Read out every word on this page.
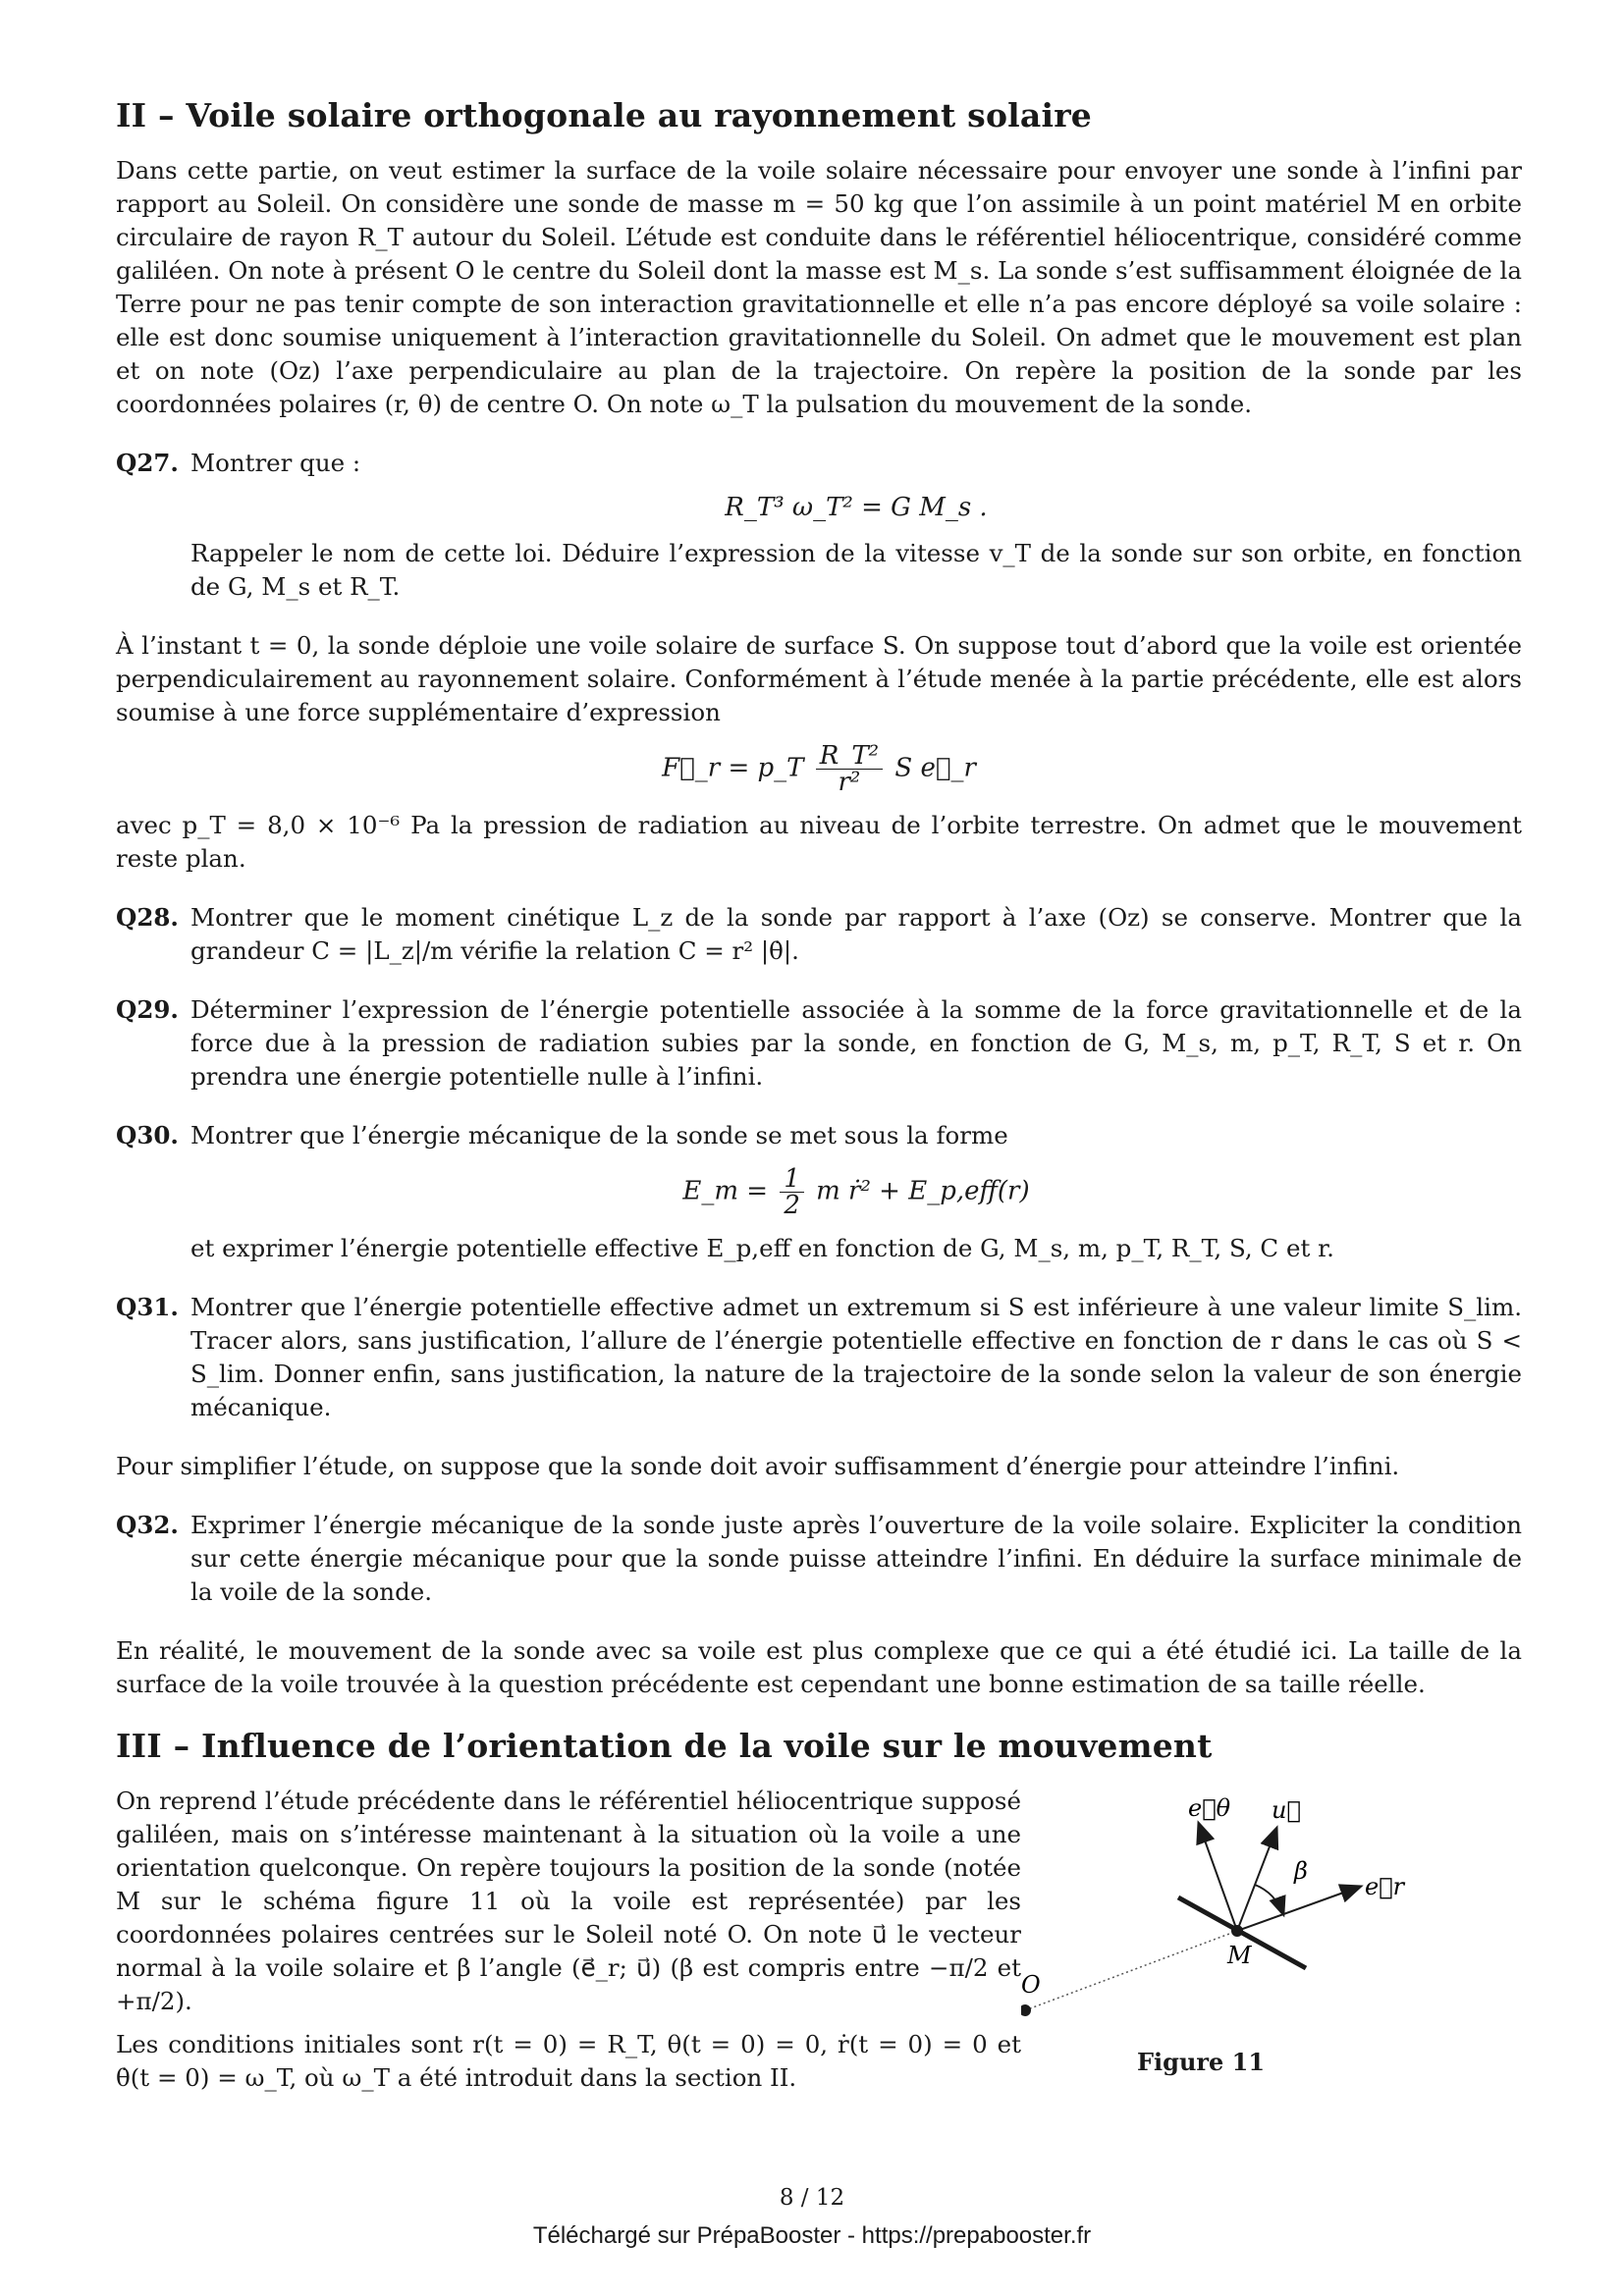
II – Voile solaire orthogonale au rayonnement solaire

Dans cette partie, on veut estimer la surface de la voile solaire nécessaire pour envoyer une sonde à l’infini par rapport au Soleil. On considère une sonde de masse m = 50 kg que l’on assimile à un point matériel M en orbite circulaire de rayon R_T autour du Soleil. L’étude est conduite dans le référentiel héliocentrique, considéré comme galiléen. On note à présent O le centre du Soleil dont la masse est M_s. La sonde s’est suffisamment éloignée de la Terre pour ne pas tenir compte de son interaction gravitationnelle et elle n’a pas encore déployé sa voile solaire : elle est donc soumise uniquement à l’interaction gravitationnelle du Soleil. On admet que le mouvement est plan et on note (Oz) l’axe perpendiculaire au plan de la trajectoire. On repère la position de la sonde par les coordonnées polaires (r, θ) de centre O. On note ω_T la pulsation du mouvement de la sonde.

Q27. Montrer que :

R_T³ ω_T² = G M_s .

Rappeler le nom de cette loi. Déduire l’expression de la vitesse v_T de la sonde sur son orbite, en fonction de G, M_s et R_T.

À l’instant t = 0, la sonde déploie une voile solaire de surface S. On suppose tout d’abord que la voile est orientée perpendiculairement au rayonnement solaire. Conformément à l’étude menée à la partie précédente, elle est alors soumise à une force supplémentaire d’expression

F⃗_r = p_T $\frac{\text{R\_T²}}{\text{r²}}$ S e⃗_r

avec p_T = 8,0 × 10⁻⁶ Pa la pression de radiation au niveau de l’orbite terrestre. On admet que le mouvement reste plan.

Q28. Montrer que le moment cinétique L_z de la sonde par rapport à l’axe (Oz) se conserve. Montrer que la grandeur C = |L_z|/m vérifie la relation C = r² |θ̇|.

Q29. Déterminer l’expression de l’énergie potentielle associée à la somme de la force gravitationnelle et de la force due à la pression de radiation subies par la sonde, en fonction de G, M_s, m, p_T, R_T, S et r. On prendra une énergie potentielle nulle à l’infini.

Q30. Montrer que l’énergie mécanique de la sonde se met sous la forme

E_m = $\frac{1}{2}$ m ṙ² + E_p,eff(r)

et exprimer l’énergie potentielle effective E_p,eff en fonction de G, M_s, m, p_T, R_T, S, C et r.

Q31. Montrer que l’énergie potentielle effective admet un extremum si S est inférieure à une valeur limite S_lim. Tracer alors, sans justification, l’allure de l’énergie potentielle effective en fonction de r dans le cas où S < S_lim. Donner enfin, sans justification, la nature de la trajectoire de la sonde selon la valeur de son énergie mécanique.

Pour simplifier l’étude, on suppose que la sonde doit avoir suffisamment d’énergie pour atteindre l’infini.

Q32. Exprimer l’énergie mécanique de la sonde juste après l’ouverture de la voile solaire. Expliciter la condition sur cette énergie mécanique pour que la sonde puisse atteindre l’infini. En déduire la surface minimale de la voile de la sonde.

En réalité, le mouvement de la sonde avec sa voile est plus complexe que ce qui a été étudié ici. La taille de la surface de la voile trouvée à la question précédente est cependant une bonne estimation de sa taille réelle.

III – Influence de l’orientation de la voile sur le mouvement

On reprend l’étude précédente dans le référentiel héliocentrique supposé galiléen, mais on s’intéresse maintenant à la situation où la voile a une orientation quelconque. On repère toujours la position de la sonde (notée M sur le schéma figure 11 où la voile est représentée) par les coordonnées polaires centrées sur le Soleil noté O. On note u⃗ le vecteur normal à la voile solaire et β l’angle (e⃗_r; u⃗) (β est compris entre −π/2 et +π/2).

Les conditions initiales sont r(t = 0) = R_T, θ(t = 0) = 0, ṙ(t = 0) = 0 et θ̇(t = 0) = ω_T, où ω_T a été introduit dans la section II.

e⃗θ u⃗
e⃗r
β
M
O
Figure 11
8 / 12
Téléchargé sur PrépaBooster - https://prepabooster.fr
